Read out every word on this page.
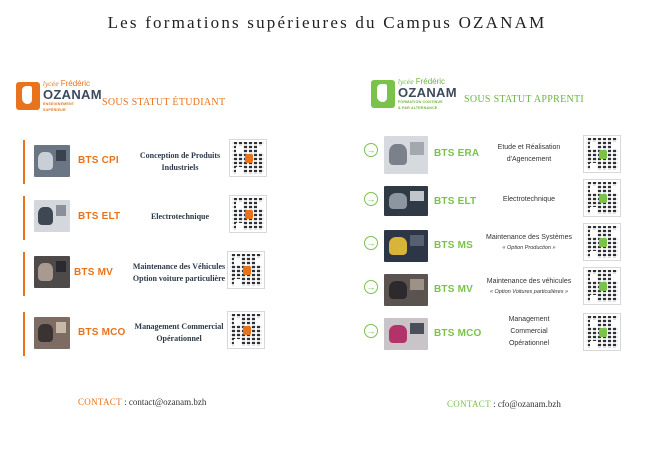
Les formations supérieures du Campus OZANAM
lycée Frédéric
OZANAM
ENSEIGNEMENT
SUPÉRIEUR
SOUS STATUT ÉTUDIANT
lycée Frédéric
OZANAM
FORMATION CONTINUE
& PAR ALTERNANCE
SOUS STATUT APPRENTI
BTS CPI	Conception de Produits
Industriels
BTS ELT	Electrotechnique
BTS MV
Maintenance des Véhicules
Option voiture particulière
BTS MCO
Management Commercial
Opérationnel
→	BTS ERA
Etude et Réalisation
d'Agencement
→	BTS ELT	Electrotechnique
→	BTS MS
Maintenance des Systèmes
« Option Production »
→	BTS MV
Maintenance des véhicules
« Option Voitures particulières »
→	BTS MCO
Management
Commercial
Opérationnel
CONTACT : contact@ozanam.bzh	CONTACT : cfo@ozanam.bzh
